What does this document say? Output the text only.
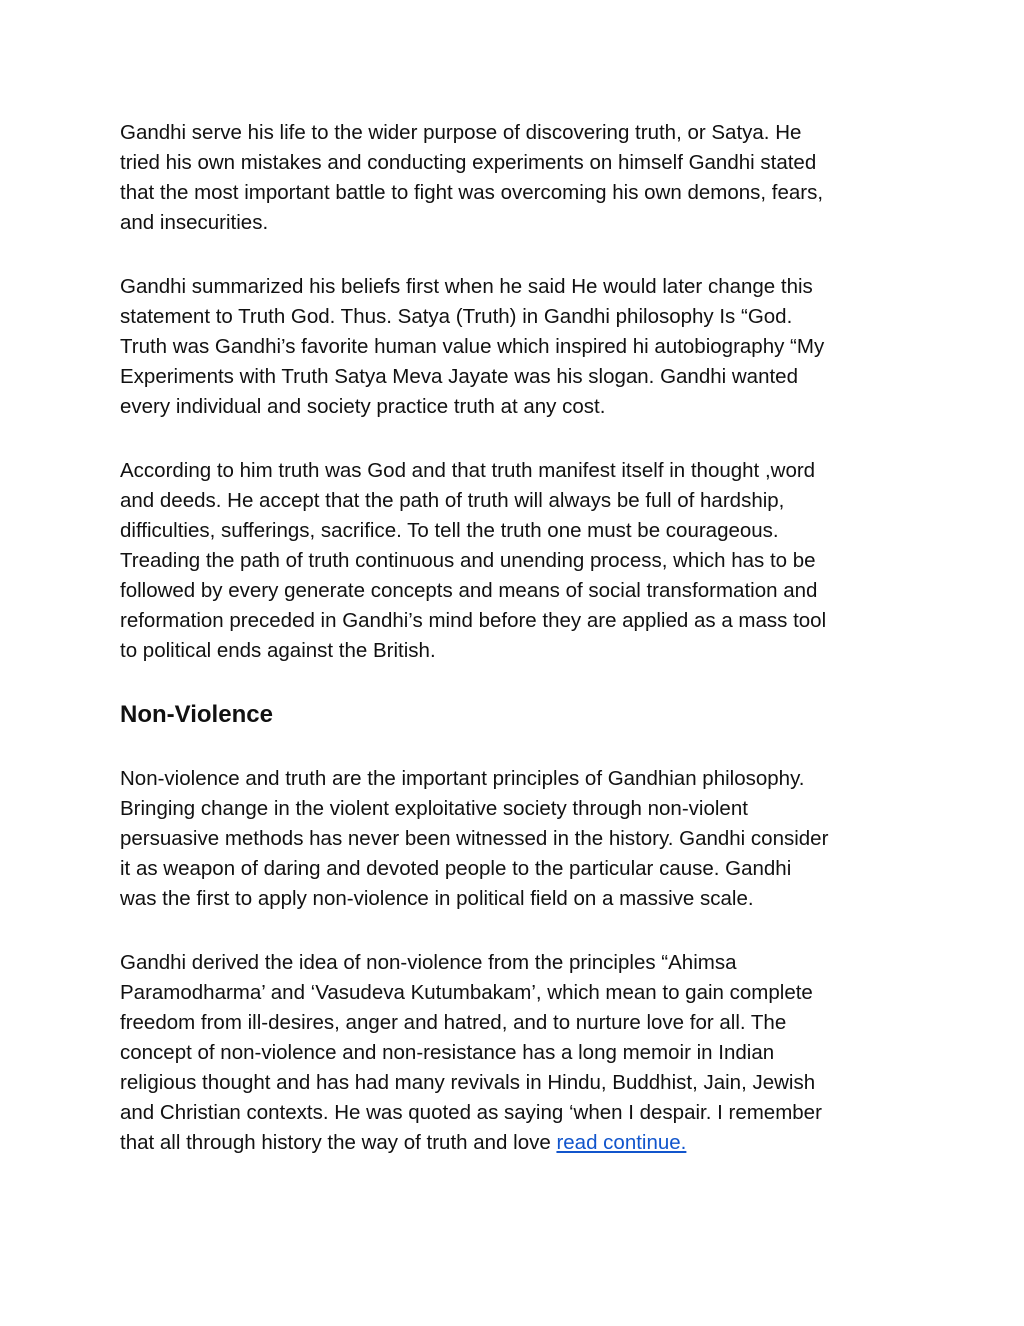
Gandhi serve his life to the wider purpose of discovering truth, or Satya. He
tried his own mistakes and conducting experiments on himself Gandhi stated
that the most important battle to fight was overcoming his own demons, fears,
and insecurities.

Gandhi summarized his beliefs first when he said He would later change this
statement to Truth God. Thus. Satya (Truth) in Gandhi philosophy Is “God.
Truth was Gandhi’s favorite human value which inspired hi autobiography “My
Experiments with Truth Satya Meva Jayate was his slogan. Gandhi wanted
every individual and society practice truth at any cost.

According to him truth was God and that truth manifest itself in thought ,word
and deeds. He accept that the path of truth will always be full of hardship,
difficulties, sufferings, sacrifice. To tell the truth one must be courageous.
Treading the path of truth continuous and unending process, which has to be
followed by every generate concepts and means of social transformation and
reformation preceded in Gandhi’s mind before they are applied as a mass tool
to political ends against the British.

Non-Violence

Non-violence and truth are the important principles of Gandhian philosophy.
Bringing change in the violent exploitative society through non-violent
persuasive methods has never been witnessed in the history. Gandhi consider
it as weapon of daring and devoted people to the particular cause. Gandhi
was the first to apply non-violence in political field on a massive scale.

Gandhi derived the idea of non-violence from the principles “Ahimsa
Paramodharma’ and ‘Vasudeva Kutumbakam’, which mean to gain complete
freedom from ill-desires, anger and hatred, and to nurture love for all. The
concept of non-violence and non-resistance has a long memoir in Indian
religious thought and has had many revivals in Hindu, Buddhist, Jain, Jewish
and Christian contexts. He was quoted as saying ‘when I despair. I remember
that all through history the way of truth and love read continue.
